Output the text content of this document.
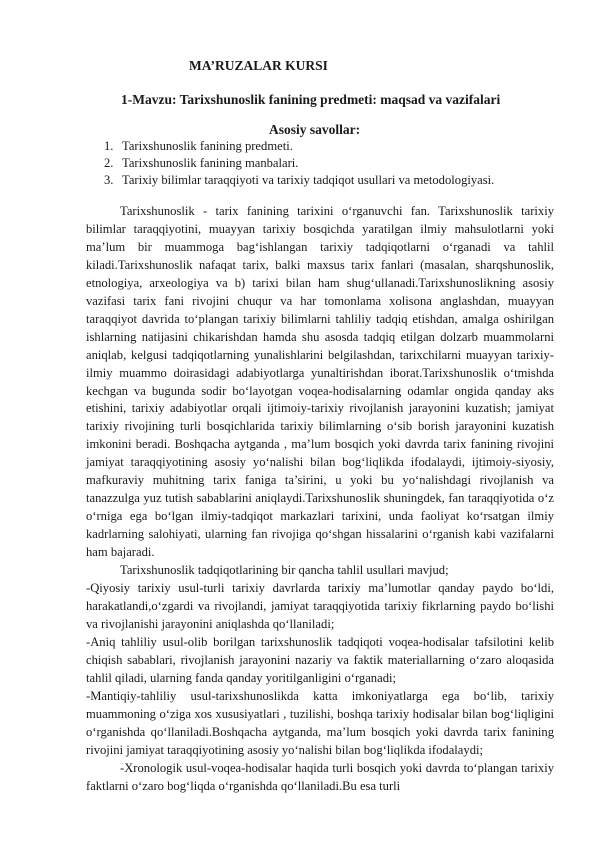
MA’RUZALAR KURSI
1-Mavzu: Tarixshunoslik fanining predmeti: maqsad va vazifalari
Asosiy savollar:
1. Tarixshunoslik fanining predmeti.
2. Tarixshunoslik fanining manbalari.
3. Tarixiy bilimlar taraqqiyoti va tarixiy tadqiqot usullari va metodologiyasi.

Tarixshunoslik - tarix fanining tarixini o‘rganuvchi fan. Tarixshunoslik tarixiy bilimlar taraqqiyotini, muayyan tarixiy bosqichda yaratilgan ilmiy mahsulotlarni yoki ma’lum bir muammoga bag‘ishlangan tarixiy tadqiqotlarni o‘rganadi va tahlil kiladi.Tarixshunoslik nafaqat tarix, balki maxsus tarix fanlari (masalan, sharqshunoslik, etnologiya, arxeologiya va b) tarixi bilan ham shug‘ullanadi.Tarixshunoslikning asosiy vazifasi tarix fani rivojini chuqur va har tomonlama xolisona anglashdan, muayyan taraqqiyot davrida to‘plangan tarixiy bilimlarni tahliliy tadqiq etishdan, amalga oshirilgan ishlarning natijasini chikarishdan hamda shu asosda tadqiq etilgan dolzarb muammolarni aniqlab, kelgusi tadqiqotlarning yunalishlarini belgilashdan, tarixchilarni muayyan tarixiy-ilmiy muammo doirasidagi adabiyotlarga yunaltirishdan iborat.Tarixshunoslik o‘tmishda kechgan va bugunda sodir bo‘layotgan voqea-hodisalarning odamlar ongida qanday aks etishini, tarixiy adabiyotlar orqali ijtimoiy-tarixiy rivojlanish jarayonini kuzatish; jamiyat tarixiy rivojining turli bosqichlarida tarixiy bilimlarning o‘sib borish jarayonini kuzatish imkonini beradi. Boshqacha aytganda , ma’lum bosqich yoki davrda tarix fanining rivojini jamiyat taraqqiyotining asosiy yo‘nalishi bilan bog‘liqlikda ifodalaydi, ijtimoiy-siyosiy, mafkuraviy muhitning tarix faniga ta’sirini, u yoki bu yo‘nalishdagi rivojlanish va tanazzulga yuz tutish sabablarini aniqlaydi.Tarixshunoslik shuningdek, fan taraqqiyotida o‘z o‘rniga ega bo‘lgan ilmiy-tadqiqot markazlari tarixini, unda faoliyat ko‘rsatgan ilmiy kadrlarning salohiyati, ularning fan rivojiga qo‘shgan hissalarini o‘rganish kabi vazifalarni ham bajaradi.

Tarixshunoslik tadqiqotlarining bir qancha tahlil usullari mavjud;

-Qiyosiy tarixiy usul-turli tarixiy davrlarda tarixiy ma’lumotlar qanday paydo bo‘ldi, harakatlandi,o‘zgardi va rivojlandi, jamiyat taraqqiyotida tarixiy fikrlarning paydo bo‘lishi va rivojlanishi jarayonini aniqlashda qo‘llaniladi;

-Aniq tahliliy usul-olib borilgan tarixshunoslik tadqiqoti voqea-hodisalar tafsilotini kelib chiqish sabablari, rivojlanish jarayonini nazariy va faktik materiallarning o‘zaro aloqasida tahlil qiladi, ularning fanda qanday yoritilganligini o‘rganadi;

-Mantiqiy-tahliliy usul-tarixshunoslikda katta imkoniyatlarga ega bo‘lib, tarixiy muammoning o‘ziga xos xususiyatlari , tuzilishi, boshqa tarixiy hodisalar bilan bog‘liqligini o‘rganishda qo‘llaniladi.Boshqacha aytganda, ma’lum bosqich yoki davrda tarix fanining rivojini jamiyat taraqqiyotining asosiy yo‘nalishi bilan bog‘liqlikda ifodalaydi;

-Xronologik usul-voqea-hodisalar haqida turli bosqich yoki davrda to‘plangan tarixiy faktlarni o‘zaro bog‘liqda o‘rganishda qo‘llaniladi.Bu esa turli
